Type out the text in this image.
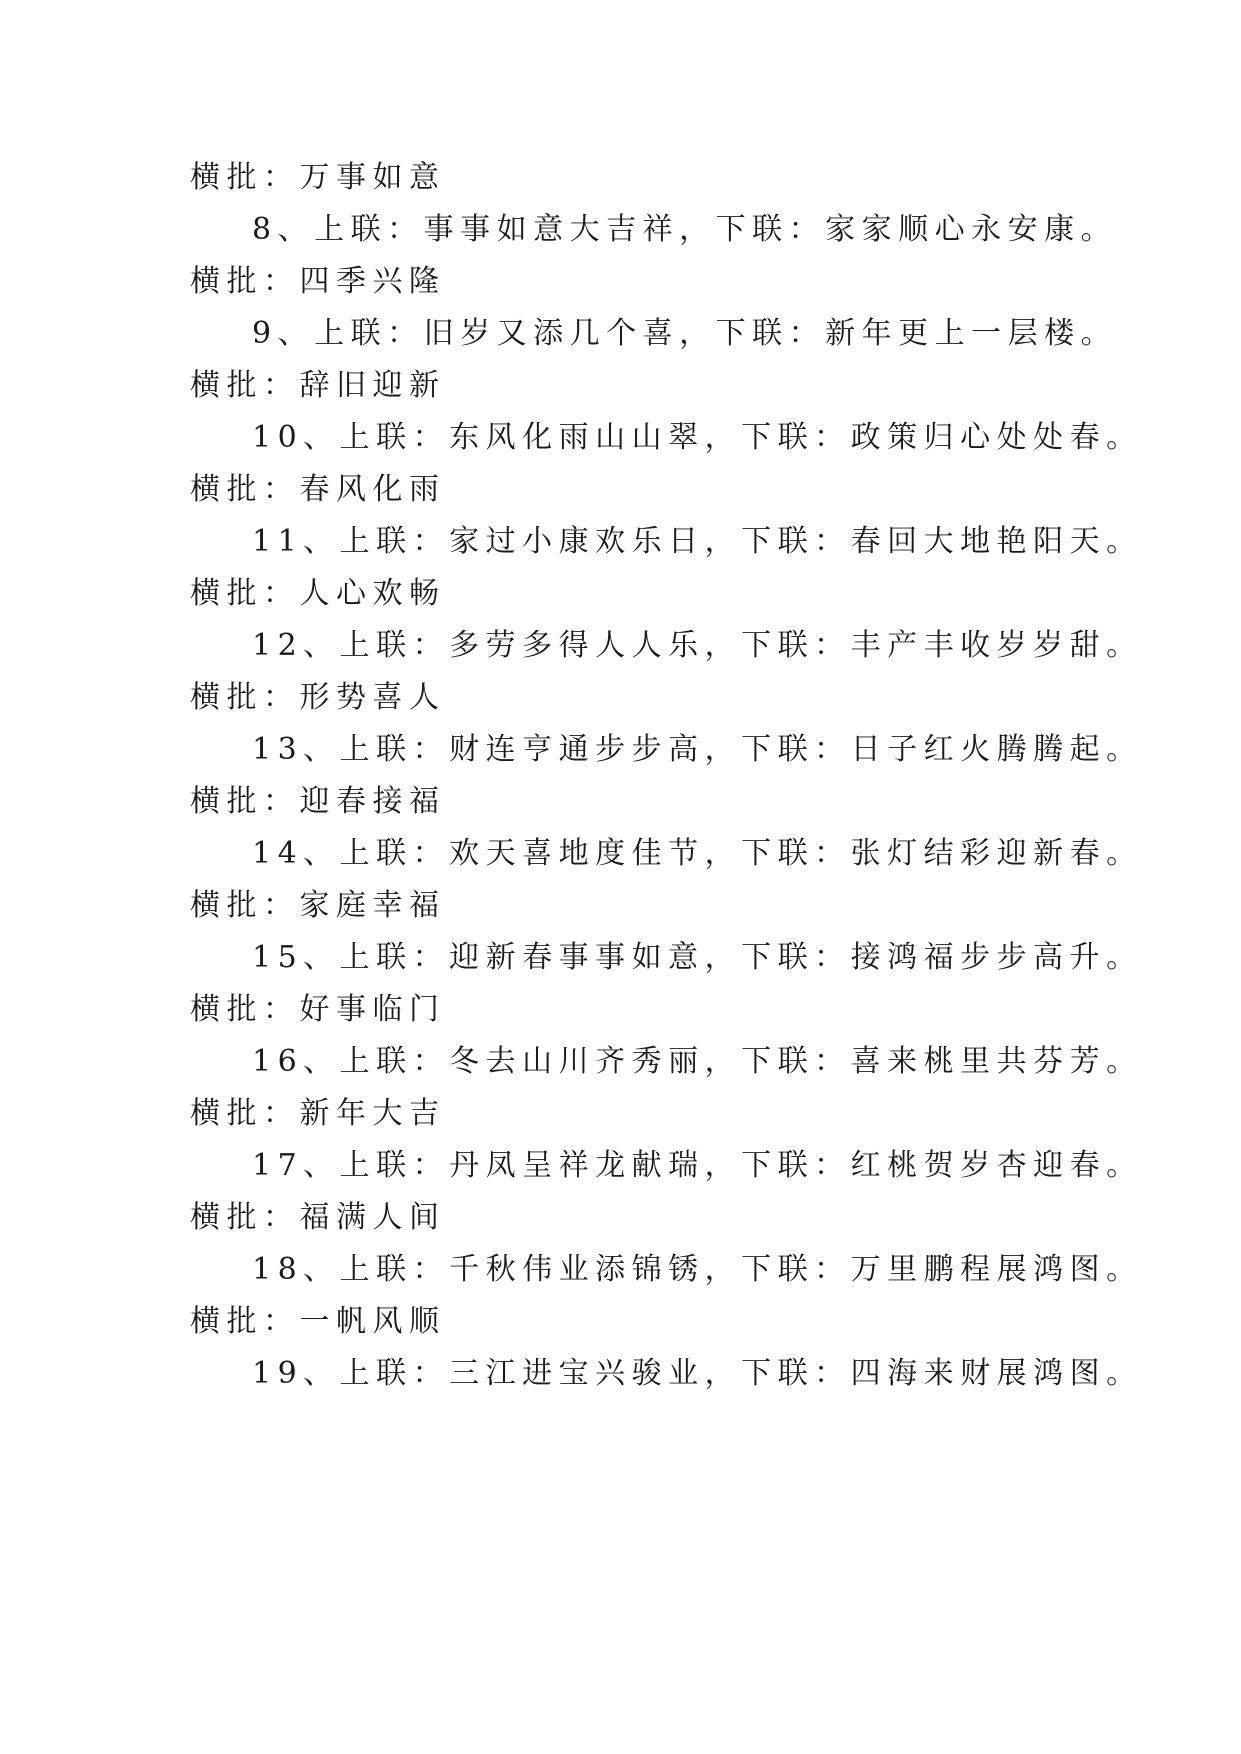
横批：万事如意
8、上联：事事如意大吉祥，下联：家家顺心永安康。
横批：四季兴隆
9、上联：旧岁又添几个喜，下联：新年更上一层楼。
横批：辞旧迎新
10、上联：东风化雨山山翠，下联：政策归心处处春。
横批：春风化雨
11、上联：家过小康欢乐日，下联：春回大地艳阳天。
横批：人心欢畅
12、上联：多劳多得人人乐，下联：丰产丰收岁岁甜。
横批：形势喜人
13、上联：财连亨通步步高，下联：日子红火腾腾起。
横批：迎春接福
14、上联：欢天喜地度佳节，下联：张灯结彩迎新春。
横批：家庭幸福
15、上联：迎新春事事如意，下联：接鸿福步步高升。
横批：好事临门
16、上联：冬去山川齐秀丽，下联：喜来桃里共芬芳。
横批：新年大吉
17、上联：丹凤呈祥龙献瑞，下联：红桃贺岁杏迎春。
横批：福满人间
18、上联：千秋伟业添锦锈，下联：万里鹏程展鸿图。
横批：一帆风顺
19、上联：三江进宝兴骏业，下联：四海来财展鸿图。
